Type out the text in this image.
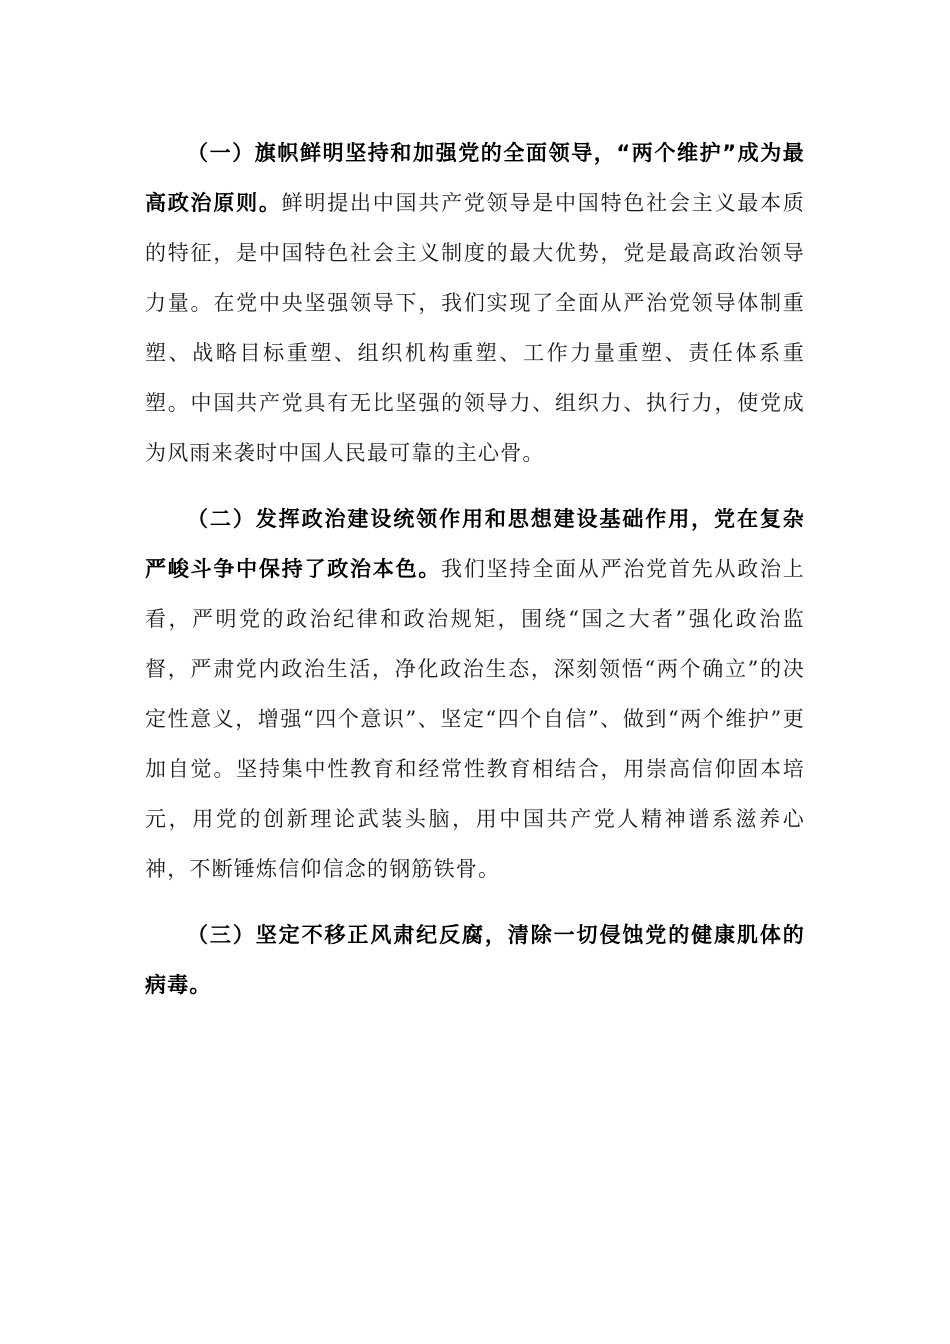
（一）旗帜鲜明坚持和加强党的全面领导，“两个维护”成为最高政治原则。鲜明提出中国共产党领导是中国特色社会主义最本质的特征，是中国特色社会主义制度的最大优势，党是最高政治领导力量。在党中央坚强领导下，我们实现了全面从严治党领导体制重塑、战略目标重塑、组织机构重塑、工作力量重塑、责任体系重塑。中国共产党具有无比坚强的领导力、组织力、执行力，使党成为风雨来袭时中国人民最可靠的主心骨。

（二）发挥政治建设统领作用和思想建设基础作用，党在复杂严峻斗争中保持了政治本色。我们坚持全面从严治党首先从政治上看，严明党的政治纪律和政治规矩，围绕“国之大者”强化政治监督，严肃党内政治生活，净化政治生态，深刻领悟“两个确立”的决定性意义，增强“四个意识”、坚定“四个自信”、做到“两个维护”更加自觉。坚持集中性教育和经常性教育相结合，用崇高信仰固本培元，用党的创新理论武装头脑，用中国共产党人精神谱系滋养心神，不断锤炼信仰信念的钢筋铁骨。

（三）坚定不移正风肃纪反腐，清除一切侵蚀党的健康肌体的病毒。
